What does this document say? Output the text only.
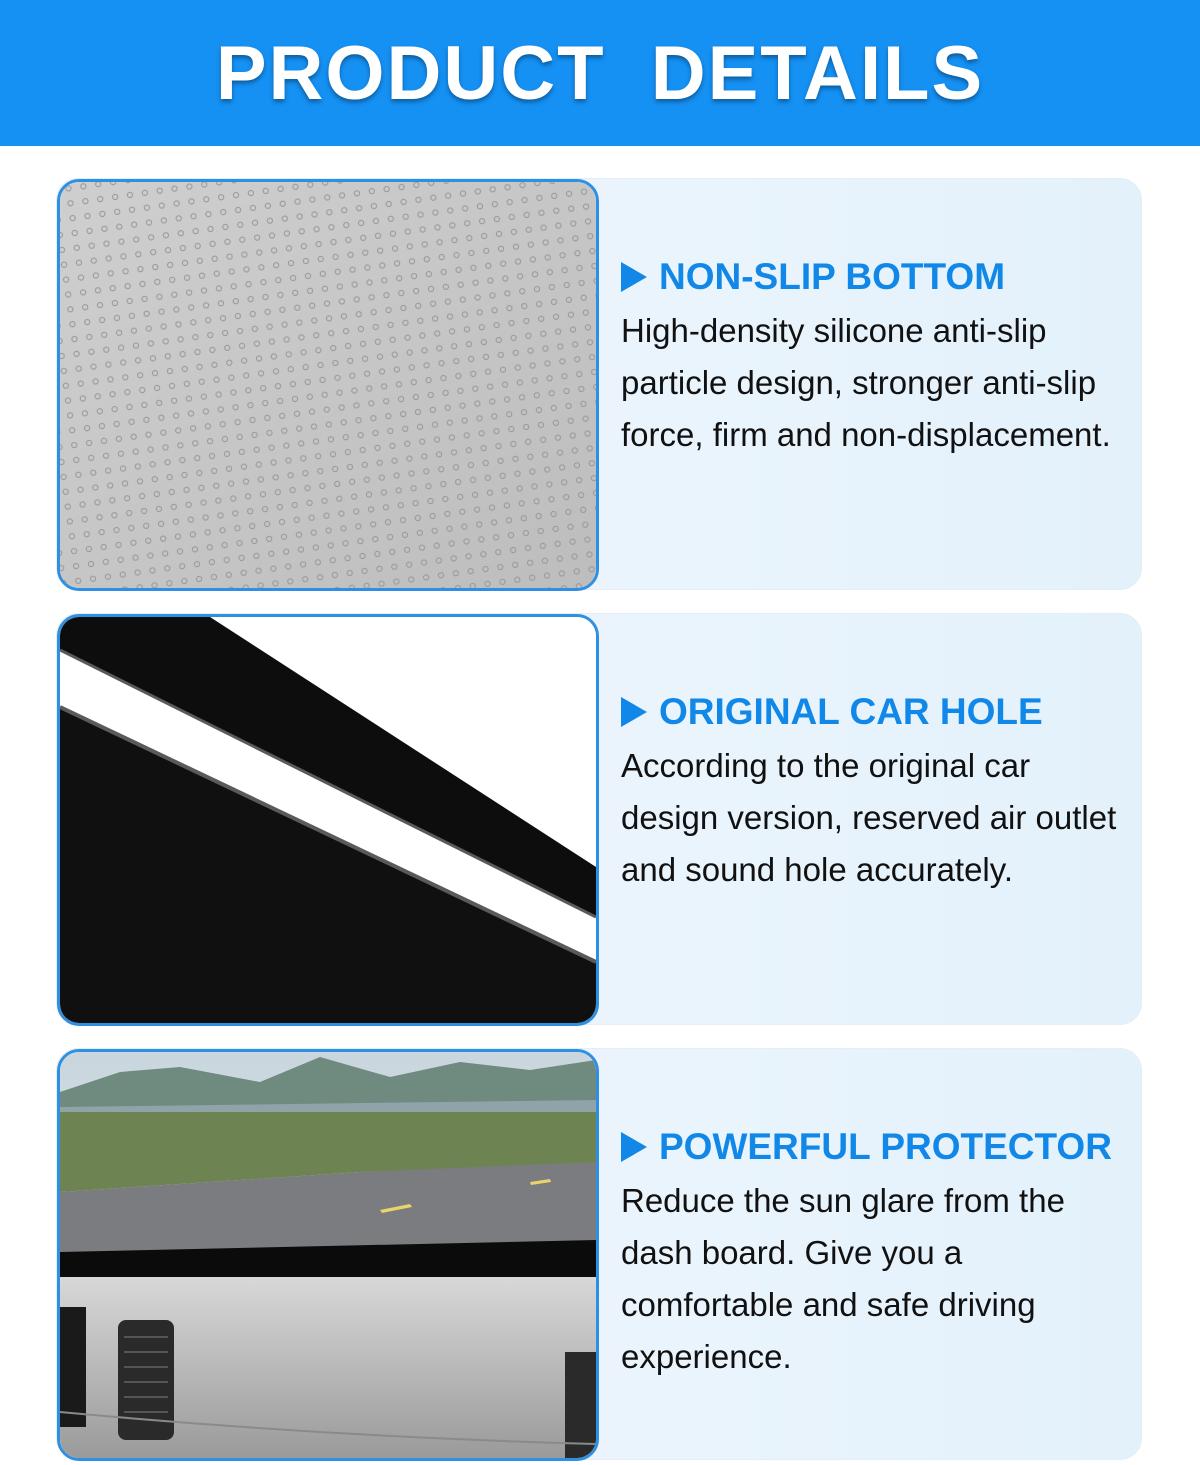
PRODUCT DETAILS
NON-SLIP BOTTOM
High-density silicone anti-slip particle design, stronger anti-slip force, firm and non-displacement.
ORIGINAL CAR HOLE
According to the original car design version, reserved air outlet and sound hole accurately.
POWERFUL PROTECTOR
Reduce the sun glare from the dash board. Give you a comfortable and safe driving experience.
